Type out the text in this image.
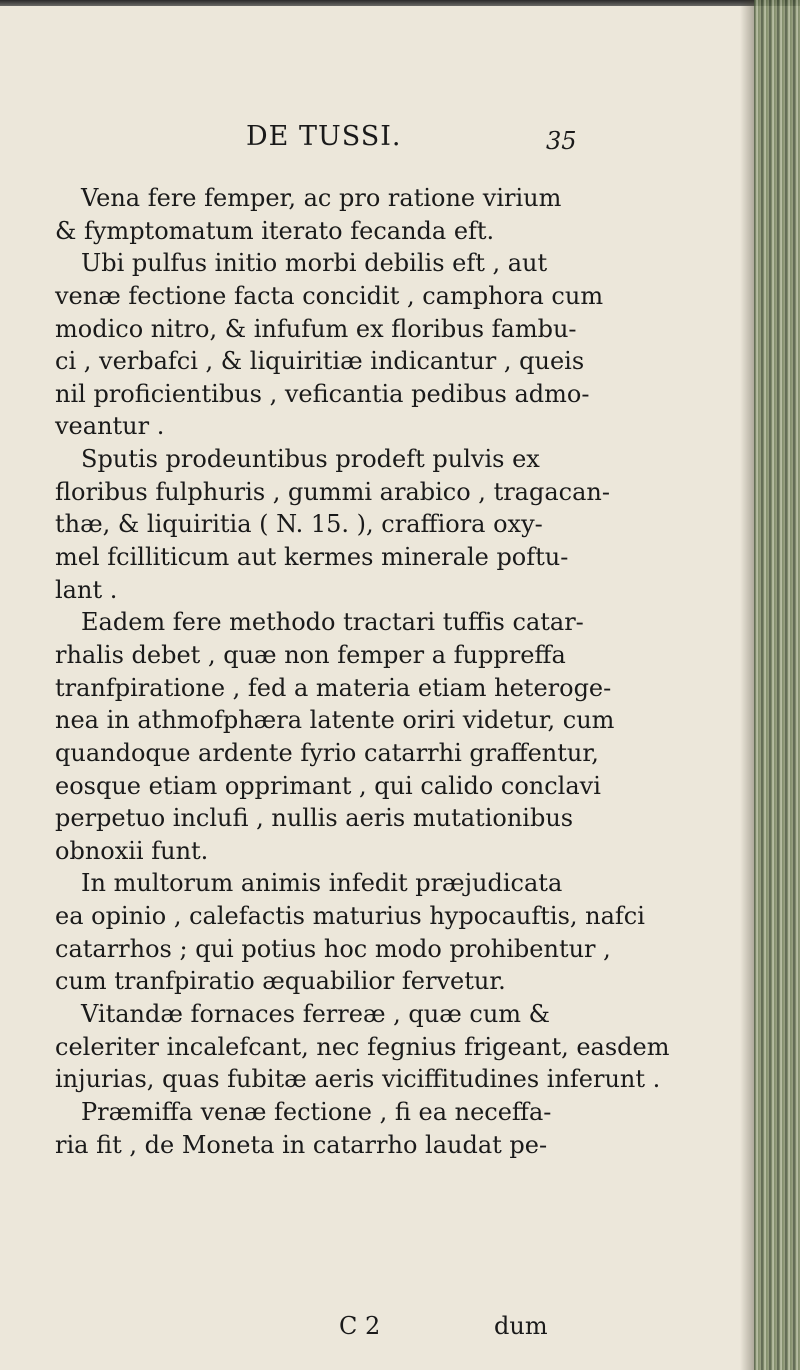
DE TUSSI.	35
Vena fere femper, ac pro ratione virium
& fymptomatum iterato fecanda eft.
Ubi pulfus initio morbi debilis eft , aut
venæ fectione facta concidit , camphora cum
modico nitro, & infufum ex floribus fambu-
ci , verbafci , & liquiritiæ indicantur , queis
nil proficientibus , veficantia pedibus admo-
veantur .
Sputis prodeuntibus prodeft pulvis ex
floribus fulphuris , gummi arabico , tragacan-
thæ, & liquiritia ( N. 15. ), craffiora oxy-
mel fcilliticum aut kermes minerale poftu-
lant .
Eadem fere methodo tractari tuffis catar-
rhalis debet , quæ non femper a fuppreffa
tranfpiratione , fed a materia etiam heteroge-
nea in athmofphæra latente oriri videtur, cum
quandoque ardente fyrio catarrhi graffentur,
eosque etiam opprimant , qui calido conclavi
perpetuo inclufi , nullis aeris mutationibus
obnoxii funt.
In multorum animis infedit præjudicata
ea opinio , calefactis maturius hypocauftis, nafci
catarrhos ; qui potius hoc modo prohibentur ,
cum tranfpiratio æquabilior fervetur.
Vitandæ fornaces ferreæ , quæ cum &
celeriter incalefcant, nec fegnius frigeant, easdem
injurias, quas fubitæ aeris viciffitudines inferunt .
Præmiffa venæ fectione , fi ea neceffa-
ria fit , de Moneta in catarrho laudat pe-
C 2	dum
